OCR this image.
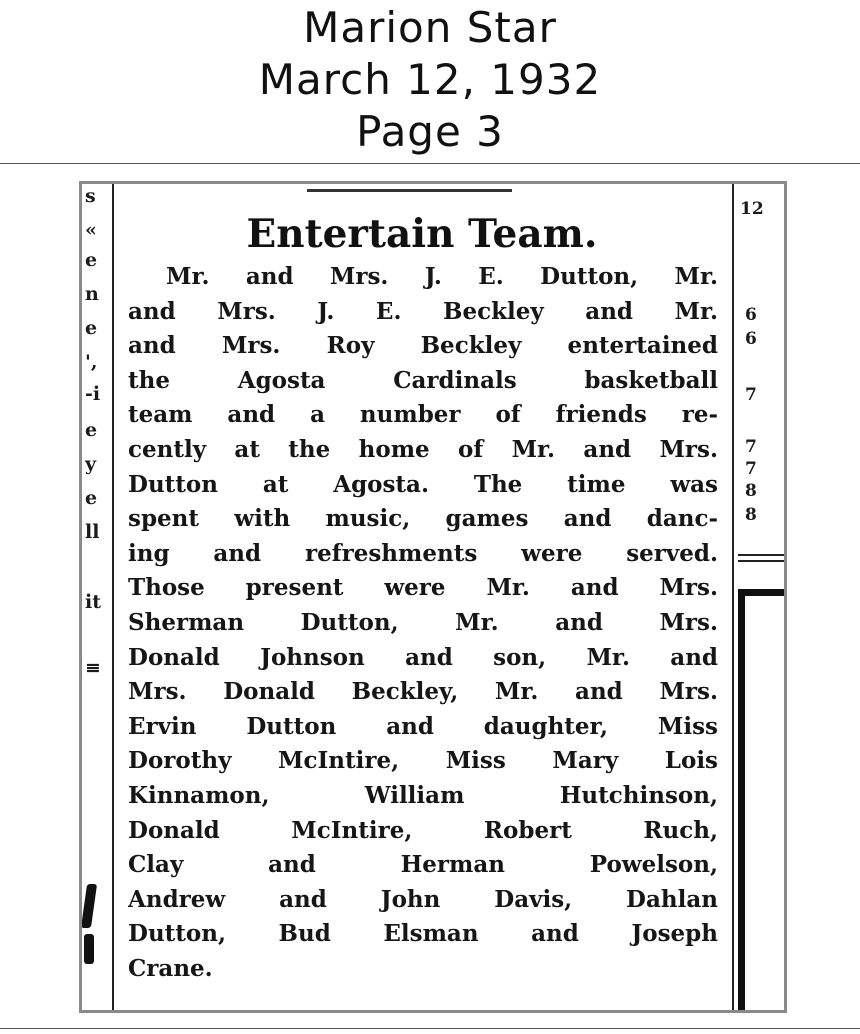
Marion Star
March 12, 1932
Page 3
s
«
e
n
e
',
-i
e
y
e
ll
it
≡
12
6
6
7
7
7
8
8
Entertain Team.
Mr. and Mrs. J. E. Dutton, Mr.
and Mrs. J. E. Beckley and Mr.
and Mrs. Roy Beckley entertained
the Agosta Cardinals basketball
team and a number of friends re-
cently at the home of Mr. and Mrs.
Dutton at Agosta. The time was
spent with music, games and danc-
ing and refreshments were served.
Those present were Mr. and Mrs.
Sherman Dutton, Mr. and Mrs.
Donald Johnson and son, Mr. and
Mrs. Donald Beckley, Mr. and Mrs.
Ervin Dutton and daughter, Miss
Dorothy McIntire, Miss Mary Lois
Kinnamon, William Hutchinson,
Donald McIntire, Robert Ruch,
Clay and Herman Powelson,
Andrew and John Davis, Dahlan
Dutton, Bud Elsman and Joseph
Crane.
